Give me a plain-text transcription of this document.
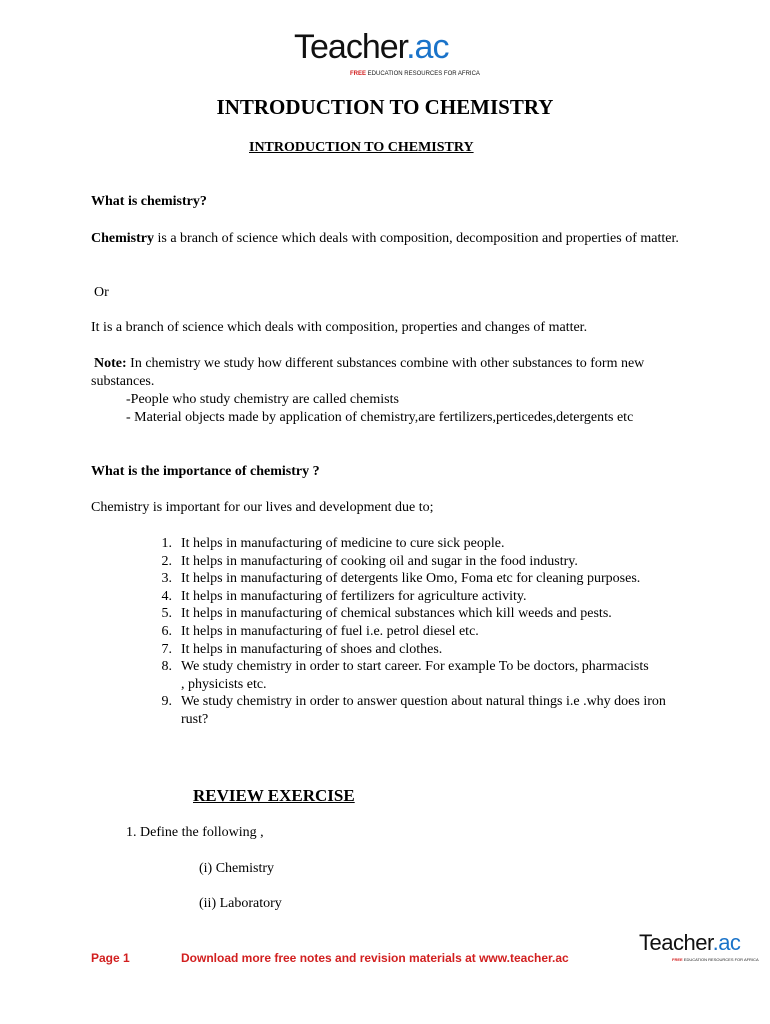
Teacher.ac
FREE EDUCATION RESOURCES FOR AFRICA
INTRODUCTION TO CHEMISTRY
INTRODUCTION TO CHEMISTRY
What is chemistry?
Chemistry is a branch of science which deals with composition, decomposition and properties of matter.
Or
It is a branch of science which deals with composition, properties and changes of matter.
Note: In chemistry we study how different substances combine with other substances to form new substances.
-People who study chemistry are called chemists
- Material objects made by application of chemistry,are fertilizers,perticedes,detergents etc
What is the importance of chemistry ?
Chemistry is important for our lives and development due to;
1. It helps in manufacturing of medicine to cure sick people.
2. It helps in manufacturing of cooking oil and sugar in the food industry.
3. It helps in manufacturing of detergents like Omo, Foma etc for cleaning purposes.
4. It helps in manufacturing of fertilizers for agriculture activity.
5. It helps in manufacturing of chemical substances which kill weeds and pests.
6. It helps in manufacturing of fuel i.e. petrol diesel etc.
7. It helps in manufacturing of shoes and clothes.
8. We study chemistry in order to start career. For example To be doctors, pharmacists , physicists etc.
9. We study chemistry in order to answer question about natural things i.e .why does iron rust?
REVIEW EXERCISE
1. Define the following ,
(i) Chemistry
(ii) Laboratory
Page 1	Download more free notes and revision materials at www.teacher.ac
Teacher.ac
FREE EDUCATION RESOURCES FOR AFRICA
